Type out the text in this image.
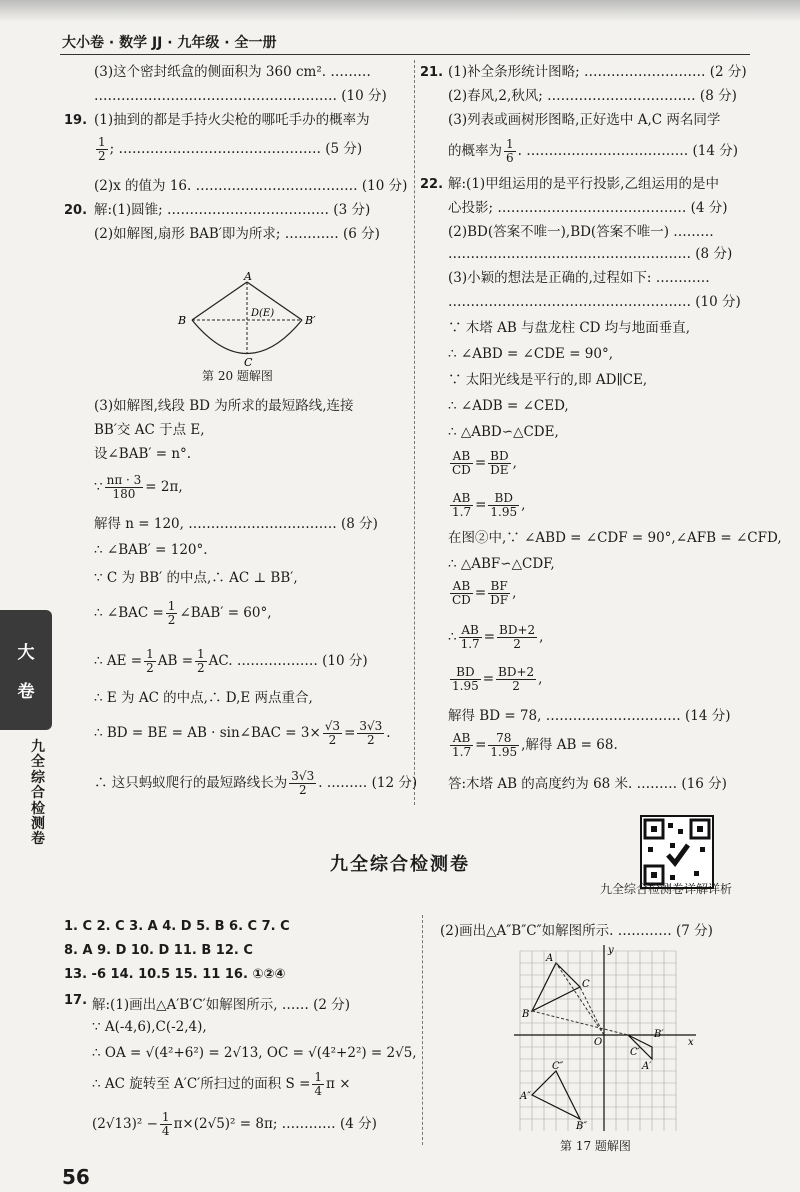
大小卷 · 数学 JJ · 九年级 · 全一册
(3)这个密封纸盒的侧面积为 360 cm². ………
……………………………………………… (10 分)
19. (1)抽到的都是手持火尖枪的哪吒手办的概率为
$\frac{1}{2}$ ; ……………………………………… (5 分)
(2)x 的值为 16. ……………………………… (10 分)
20. 解:(1)圆锥; ……………………………… (3 分)
(2)如解图,扇形 BAB′即为所求; ………… (6 分)
A
B	B′
C
D(E)
第 20 题解图
(3)如解图,线段 BD 为所求的最短路线,连接
BB′交 AC 于点 E,
设∠BAB′ = n°.
∵ $\frac{n\pi \cdot 3}{180} = 2\pi$,
解得 n = 120, …………………………… (8 分)
∴ ∠BAB′ = 120°.
∵ C 为 BB′ 的中点,∴ AC ⊥ BB′,
∴ ∠BAC = $\frac{1}{2}$ ∠BAB′ = 60°,
∴ AE = $\frac{1}{2}$ AB = $\frac{1}{2}$ AC. ……………… (10 分)
∴ E 为 AC 的中点,∴ D,E 两点重合,
∴ BD = BE = AB · sin∠BAC = $3\times \frac{√3}{2} = \frac{3√3}{2}$ .
∴ 这只蚂蚁爬行的最短路线长为 $\frac{3√3}{2}$ . ……… (12 分)
21. (1)补全条形统计图略; ……………………… (2 分)
(2)春风,2,秋风; …………………………… (8 分)
(3)列表或画树形图略,正好选中 A,C 两名同学
的概率为 $\frac{1}{6}$ . ……………………………… (14 分)
22. 解:(1)甲组运用的是平行投影,乙组运用的是中
心投影; …………………………………… (4 分)
(2)BD(答案不唯一),BD(答案不唯一) ………
……………………………………………… (8 分)
(3)小颖的想法是正确的,过程如下: …………
……………………………………………… (10 分)
∵ 木塔 AB 与盘龙柱 CD 均与地面垂直,
∴ ∠ABD = ∠CDE = 90°,
∵ 太阳光线是平行的,即 AD∥CE,
∴ ∠ADB = ∠CED,
∴ △ABD∽△CDE,
$\frac{AB}{CD} = \frac{BD}{DE}$ ,
$\frac{AB}{1.7} = \frac{BD}{1.95}$ ,
在图②中,∵ ∠ABD = ∠CDF = 90°,∠AFB = ∠CFD,
∴ △ABF∽△CDF,
$\frac{AB}{CD} = \frac{BF}{DF}$ ,
∴ $\frac{AB}{1.7} = \frac{BD+2}{2}$ ,
$\frac{BD}{1.95} = \frac{BD+2}{2}$ ,
解得 BD = 78, ………………………… (14 分)
$\frac{AB}{1.7} = \frac{78}{1.95}$ ,解得 AB = 68.
答:木塔 AB 的高度约为 68 米. ……… (16 分)
大
卷
九全综合检测卷
九全综合检测卷
九全综合检测卷详解详析
1. C 2. C 3. A 4. D 5. B 6. C 7. C
8. A 9. D 10. D 11. B 12. C
13. -6 14. 10.5 15. 11 16. ①②④
17. 解:(1)画出△A′B′C′如解图所示, …… (2 分)
∵ A(-4,6),C(-2,4),
∴ OA = √(4²+6²) = 2√13, OC = √(4²+2²) = 2√5,
∴ AC 旋转至 A′C′所扫过的面积 $S = \frac{1}{4}$ π ×
$(2√13)^2 - \frac{1}{4} \pi\times(2√5)^2 = 8\pi$; ………… (4 分)
(2)画出△A″B″C″如解图所示. ………… (7 分)
y
x
O
A
B
C
A′
B′
C′
A″
B″
C″
第 17 题解图
56
